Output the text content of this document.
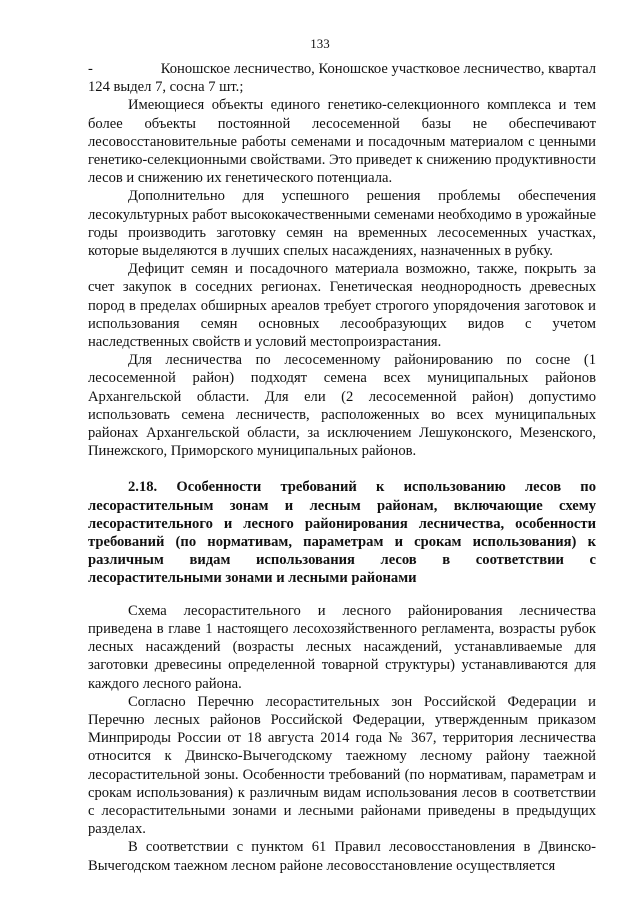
133
-	Коношское лесничество, Коношское участковое лесничество, квартал

124 выдел 7, сосна 7 шт.;

Имеющиеся объекты единого генетико-селекционного комплекса и тем более объекты постоянной лесосеменной базы не обеспечивают лесовосстановительные работы семенами и посадочным материалом с ценными генетико-селекционными свойствами. Это приведет к снижению продуктивности лесов и снижению их генетического потенциала.

Дополнительно для успешного решения проблемы обеспечения лесокультурных работ высококачественными семенами необходимо в урожайные годы производить заготовку семян на временных лесосеменных участках, которые выделяются в лучших спелых насаждениях, назначенных в рубку.

Дефицит семян и посадочного материала возможно, также, покрыть за счет закупок в соседних регионах. Генетическая неоднородность древесных пород в пределах обширных ареалов требует строгого упорядочения заготовок и использования семян основных лесообразующих видов с учетом наследственных свойств и условий местопроизрастания.

Для лесничества по лесосеменному районированию по сосне (1 лесосеменной район) подходят семена всех муниципальных районов Архангельской области. Для ели (2 лесосеменной район) допустимо использовать семена лесничеств, расположенных во всех муниципальных районах Архангельской области, за исключением Лешуконского, Мезенского, Пинежского, Приморского муниципальных районов.

2.18. Особенности требований к использованию лесов по лесорастительным зонам и лесным районам, включающие схему лесорастительного и лесного районирования лесничества, особенности требований (по нормативам, параметрам и срокам использования) к различным видам использования лесов в соответствии с лесорастительными зонами и лесными районами

Схема лесорастительного и лесного районирования лесничества приведена в главе 1 настоящего лесохозяйственного регламента, возрасты рубок лесных насаждений (возрасты лесных насаждений, устанавливаемые для заготовки древесины определенной товарной структуры) устанавливаются для каждого лесного района.

Согласно Перечню лесорастительных зон Российской Федерации и Перечню лесных районов Российской Федерации, утвержденным приказом Минприроды России от 18 августа 2014 года № 367, территория лесничества относится к Двинско-Вычегодскому таежному лесному району таежной лесорастительной зоны. Особенности требований (по нормативам, параметрам и срокам использования) к различным видам использования лесов в соответствии с лесорастительными зонами и лесными районами приведены в предыдущих разделах.

В соответствии с пунктом 61 Правил лесовосстановления в Двинско-Вычегодском таежном лесном районе лесовосстановление осуществляется
